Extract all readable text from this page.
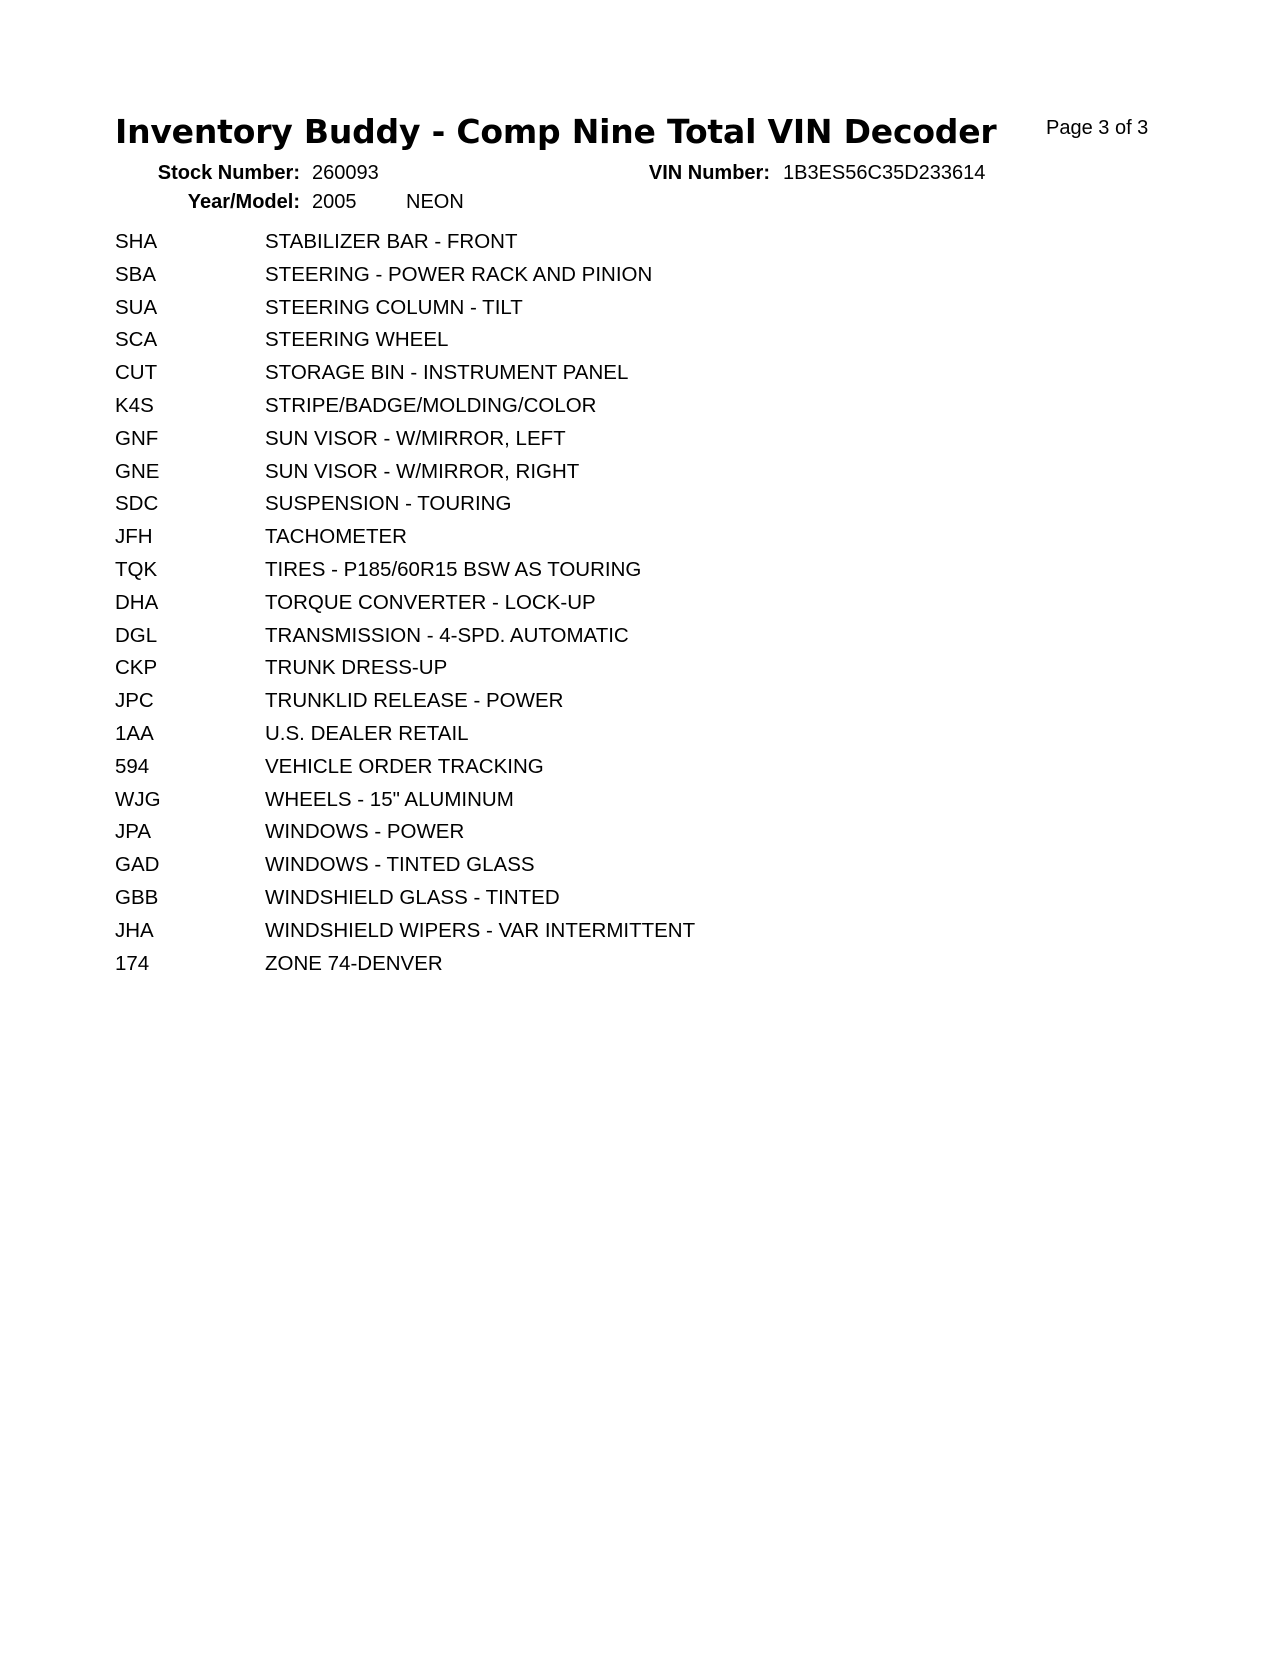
Inventory Buddy - Comp Nine Total VIN Decoder Page 3 of 3
Stock Number: 260093	VIN Number: 1B3ES56C35D233614
Year/Model: 2005 NEON
SHA	STABILIZER BAR - FRONT
SBA	STEERING - POWER RACK AND PINION
SUA	STEERING COLUMN - TILT
SCA	STEERING WHEEL
CUT	STORAGE BIN - INSTRUMENT PANEL
K4S	STRIPE/BADGE/MOLDING/COLOR
GNF	SUN VISOR - W/MIRROR, LEFT
GNE	SUN VISOR - W/MIRROR, RIGHT
SDC	SUSPENSION - TOURING
JFH	TACHOMETER
TQK	TIRES - P185/60R15 BSW AS TOURING
DHA	TORQUE CONVERTER - LOCK-UP
DGL	TRANSMISSION - 4-SPD. AUTOMATIC
CKP	TRUNK DRESS-UP
JPC	TRUNKLID RELEASE - POWER
1AA	U.S. DEALER RETAIL
594	VEHICLE ORDER TRACKING
WJG	WHEELS - 15" ALUMINUM
JPA	WINDOWS - POWER
GAD	WINDOWS - TINTED GLASS
GBB	WINDSHIELD GLASS - TINTED
JHA	WINDSHIELD WIPERS - VAR INTERMITTENT
174	ZONE 74-DENVER
